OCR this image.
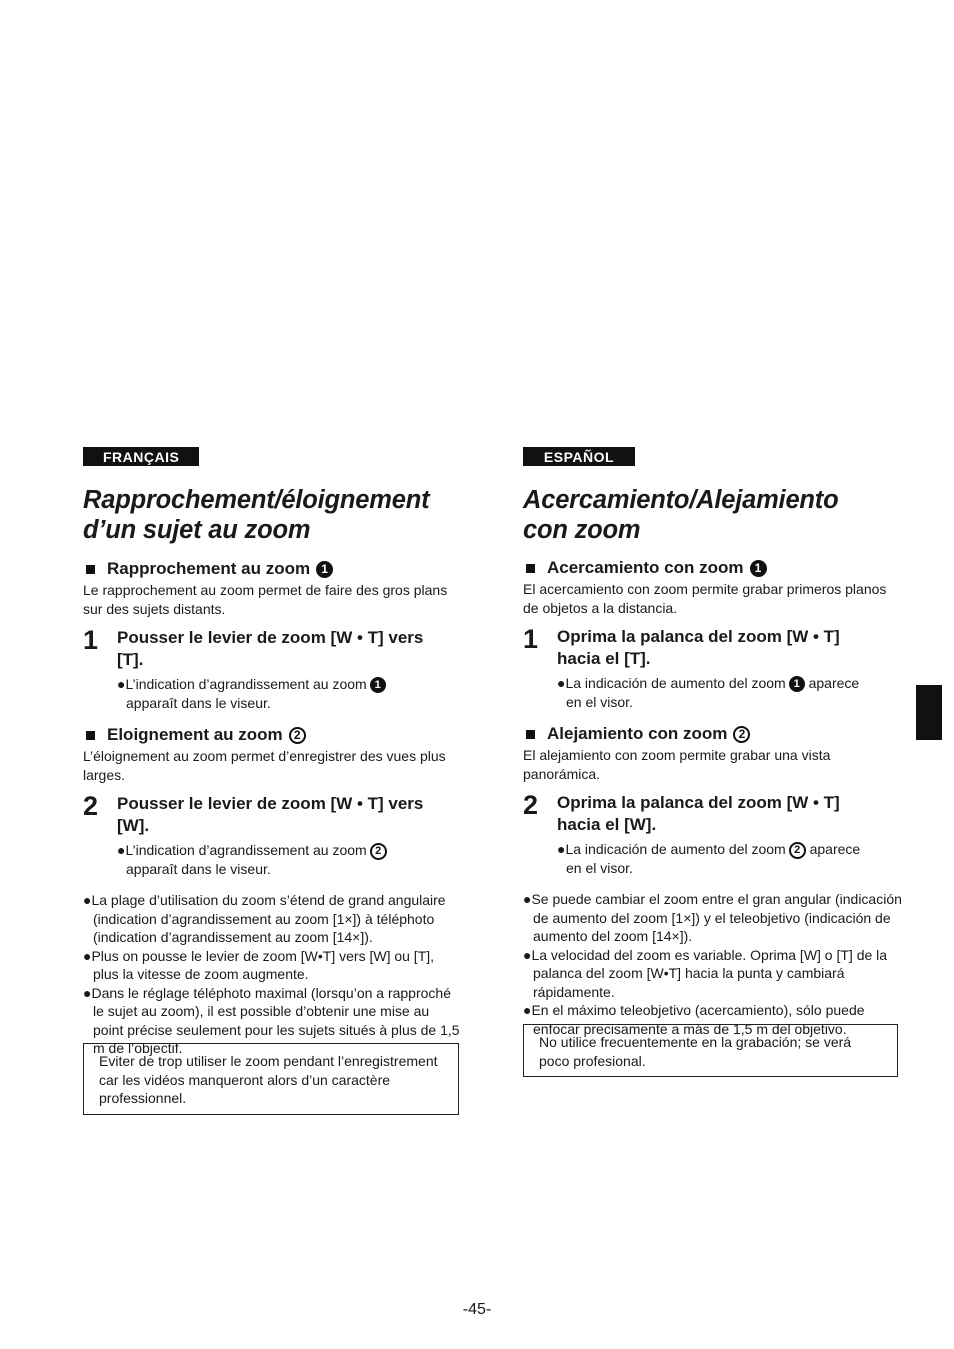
FRANÇAIS
Rapprochement/éloignement
d’un sujet au zoom
Rapprochement au zoom 1
Le rapprochement au zoom permet de faire des gros plans sur des sujets distants.
1	Pousser le levier de zoom [W • T] vers
[T].
●L’indication d’agrandissement au zoom 1
apparaît dans le viseur.
Eloignement au zoom 2
L’éloignement au zoom permet d’enregistrer des vues plus larges.
2	Pousser le levier de zoom [W • T] vers
[W].
●L’indication d’agrandissement au zoom 2
apparaît dans le viseur.
●La plage d’utilisation du zoom s’étend de grand angulaire (indication d’agrandissement au zoom [1×]) à téléphoto (indication d’agrandissement au zoom [14×]).
●Plus on pousse le levier de zoom [W•T] vers [W] ou [T], plus la vitesse de zoom augmente.
●Dans le réglage téléphoto maximal (lorsqu’on a rapproché le sujet au zoom), il est possible d’obtenir une mise au point précise seulement pour les sujets situés à plus de 1,5 m de l’objectif.
Eviter de trop utiliser le zoom pendant l’enregistrement car les vidéos manqueront alors d’un caractère professionnel.
ESPAÑOL
Acercamiento/Alejamiento
con zoom
Acercamiento con zoom 1
El acercamiento con zoom permite grabar primeros planos de objetos a la distancia.
1	Oprima la palanca del zoom [W • T]
hacia el [T].
●La indicación de aumento del zoom 1 aparece
en el visor.
Alejamiento con zoom 2
El alejamiento con zoom permite grabar una vista panorámica.
2	Oprima la palanca del zoom [W • T]
hacia el [W].
●La indicación de aumento del zoom 2 aparece
en el visor.
●Se puede cambiar el zoom entre el gran angular (indicación de aumento del zoom [1×]) y el teleobjetivo (indicación de aumento del zoom [14×]).
●La velocidad del zoom es variable. Oprima [W] o [T] de la palanca del zoom [W•T] hacia la punta y cambiará rápidamente.
●En el máximo teleobjetivo (acercamiento), sólo puede enfocar precisamente a más de 1,5 m del objetivo.
No utilice frecuentemente en la grabación; se verá poco profesional.
-45-
